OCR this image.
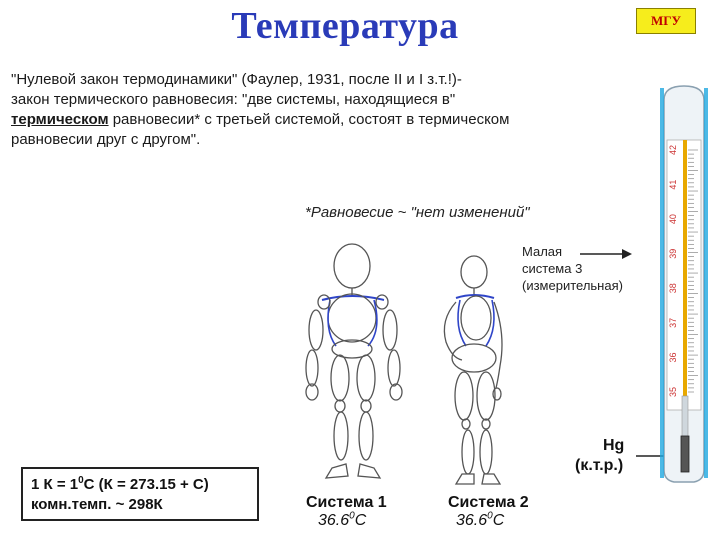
Температура	МГУ
"Нулевой закон термодинамики" (Фаулер, 1931, после II и I з.т.!)-
закон термического равновесия: "две системы, находящиеся в"
термическом равновесии* с третьей системой, состоят в термическом
равновесии друг с другом".
*Равновесие ~ "нет изменений"
35
36
37
38
39
40
41
42
Малая
система 3
(измерительная)
Hg
(к.т.р.)
1 $К = 1^0С$ (К = 273.15 + С)
комн.темп. ~ 298К	Система 1
36.6$^0$С
Система 2
36.6$^0$С
